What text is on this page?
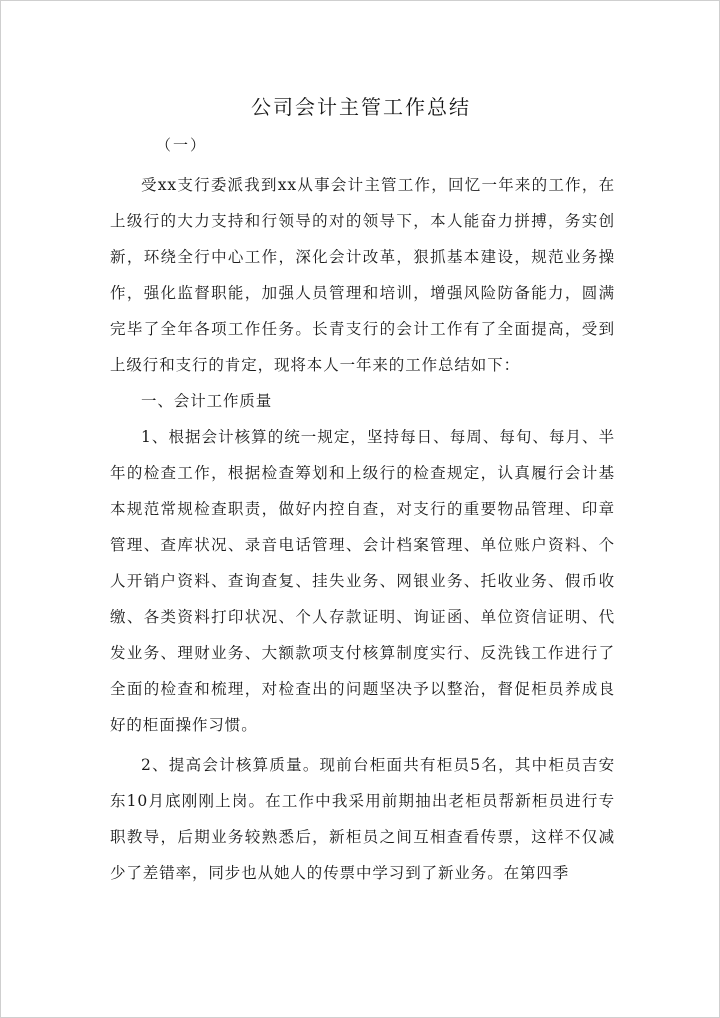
公司会计主管工作总结
（一）

受xx支行委派我到xx从事会计主管工作，回忆一年来的工作，在上级行的大力支持和行领导的对的领导下，本人能奋力拼搏，务实创新，环绕全行中心工作，深化会计改革，狠抓基本建设，规范业务操作，强化监督职能，加强人员管理和培训，增强风险防备能力，圆满完毕了全年各项工作任务。长青支行的会计工作有了全面提高，受到上级行和支行的肯定，现将本人一年来的工作总结如下：

一、会计工作质量

1、根据会计核算的统一规定，坚持每日、每周、每旬、每月、半年的检查工作，根据检查筹划和上级行的检查规定，认真履行会计基本规范常规检查职责，做好内控自查，对支行的重要物品管理、印章管理、查库状况、录音电话管理、会计档案管理、单位账户资料、个人开销户资料、查询查复、挂失业务、网银业务、托收业务、假币收缴、各类资料打印状况、个人存款证明、询证函、单位资信证明、代发业务、理财业务、大额款项支付核算制度实行、反洗钱工作进行了全面的检查和梳理，对检查出的问题坚决予以整治，督促柜员养成良好的柜面操作习惯。

2、提高会计核算质量。现前台柜面共有柜员5名，其中柜员吉安东10月底刚刚上岗。在工作中我采用前期抽出老柜员帮新柜员进行专职教导，后期业务较熟悉后，新柜员之间互相查看传票，这样不仅减少了差错率，同步也从她人的传票中学习到了新业务。在第四季
